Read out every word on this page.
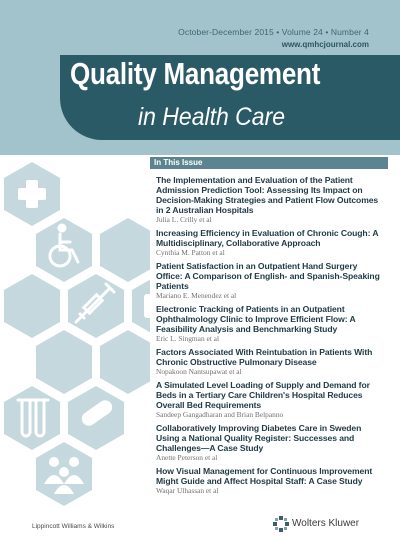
October-December 2015 • Volume 24 • Number 4
www.qmhcjournal.com
Quality Management
in Health Care
In This Issue
The Implementation and Evaluation of the Patient Admission Prediction Tool: Assessing Its Impact on Decision-Making Strategies and Patient Flow Outcomes in 2 Australian Hospitals
Julia L. Crilly et al
Increasing Efficiency in Evaluation of Chronic Cough: A Multidisciplinary, Collaborative Approach
Cynthia M. Patton et al
Patient Satisfaction in an Outpatient Hand Surgery Office: A Comparison of English- and Spanish-Speaking Patients
Mariano E. Menendez et al
Electronic Tracking of Patients in an Outpatient Ophthalmology Clinic to Improve Efficient Flow: A Feasibility Analysis and Benchmarking Study
Eric L. Singman et al
Factors Associated With Reintubation in Patients With Chronic Obstructive Pulmonary Disease
Nopakoon Nantsupawat et al
A Simulated Level Loading of Supply and Demand for Beds in a Tertiary Care Children's Hospital Reduces Overall Bed Requirements
Sandeep Gangadharan and Brian Belpanno
Collaboratively Improving Diabetes Care in Sweden Using a National Quality Register: Successes and Challenges—A Case Study
Anette Peterson et al
How Visual Management for Continuous Improvement Might Guide and Affect Hospital Staff: A Case Study
Waqar Ulhassan et al
Lippincott Williams & Wilkins	Wolters Kluwer
